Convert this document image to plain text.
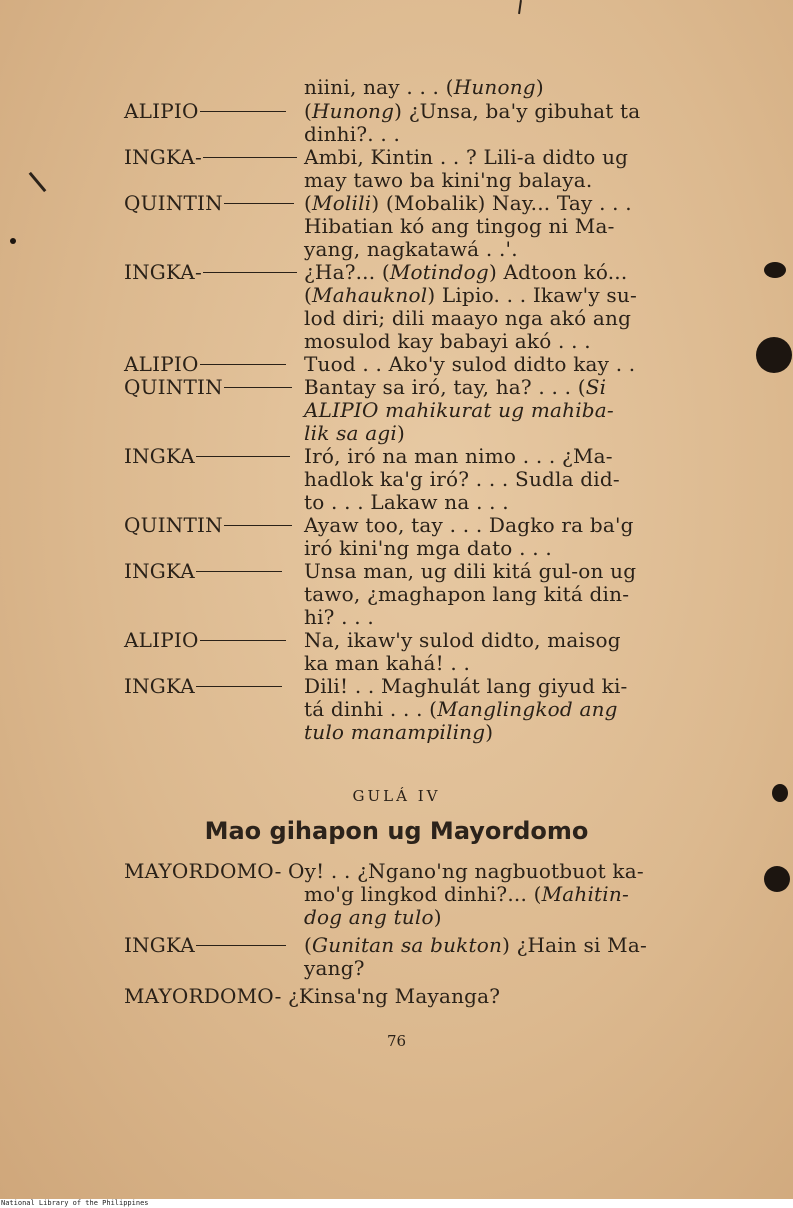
niini, nay . . . (Hunong)
ALIPIO	(Hunong) ¿Unsa, ba'y gibuhat ta
dinhi?. . .
INGKA-	Ambi, Kintin . . ? Lili-a didto ug
may tawo ba kini'ng balaya.
QUINTIN	(Molili) (Mobalik) Nay... Tay . . .
Hibatian kó ang tingog ni Ma-
yang, nagkatawá . .'.
INGKA-	¿Ha?... (Motindog) Adtoon kó...
(Mahauknol) Lipio. . . Ikaw'y su-
lod diri; dili maayo nga akó ang
mosulod kay babayi akó . . .
ALIPIO	Tuod . . Ako'y sulod didto kay . .
QUINTIN	Bantay sa iró, tay, ha? . . . (Si
ALIPIO mahikurat ug mahiba-
lik sa agi)
INGKA	Iró, iró na man nimo . . . ¿Ma-
hadlok ka'g iró? . . . Sudla did-
to . . . Lakaw na . . .
QUINTIN	Ayaw too, tay . . . Dagko ra ba'g
iró kini'ng mga dato . . .
INGKA	Unsa man, ug dili kitá gul-on ug
tawo, ¿maghapon lang kitá din-
hi? . . .
ALIPIO	Na, ikaw'y sulod didto, maisog
ka man kahá! . .
INGKA	Dili! . . Maghulát lang giyud ki-
tá dinhi . . . (Manglingkod ang
tulo manampiling)
GULÁ IV
Mao gihapon ug Mayordomo
MAYORDOMO- Oy! . . ¿Ngano'ng nagbuotbuot ka-
mo'g lingkod dinhi?... (Mahitin-
dog ang tulo)
INGKA	(Gunitan sa bukton) ¿Hain si Ma-
yang?
MAYORDOMO- ¿Kinsa'ng Mayanga?
76
National Library of the Philippines
